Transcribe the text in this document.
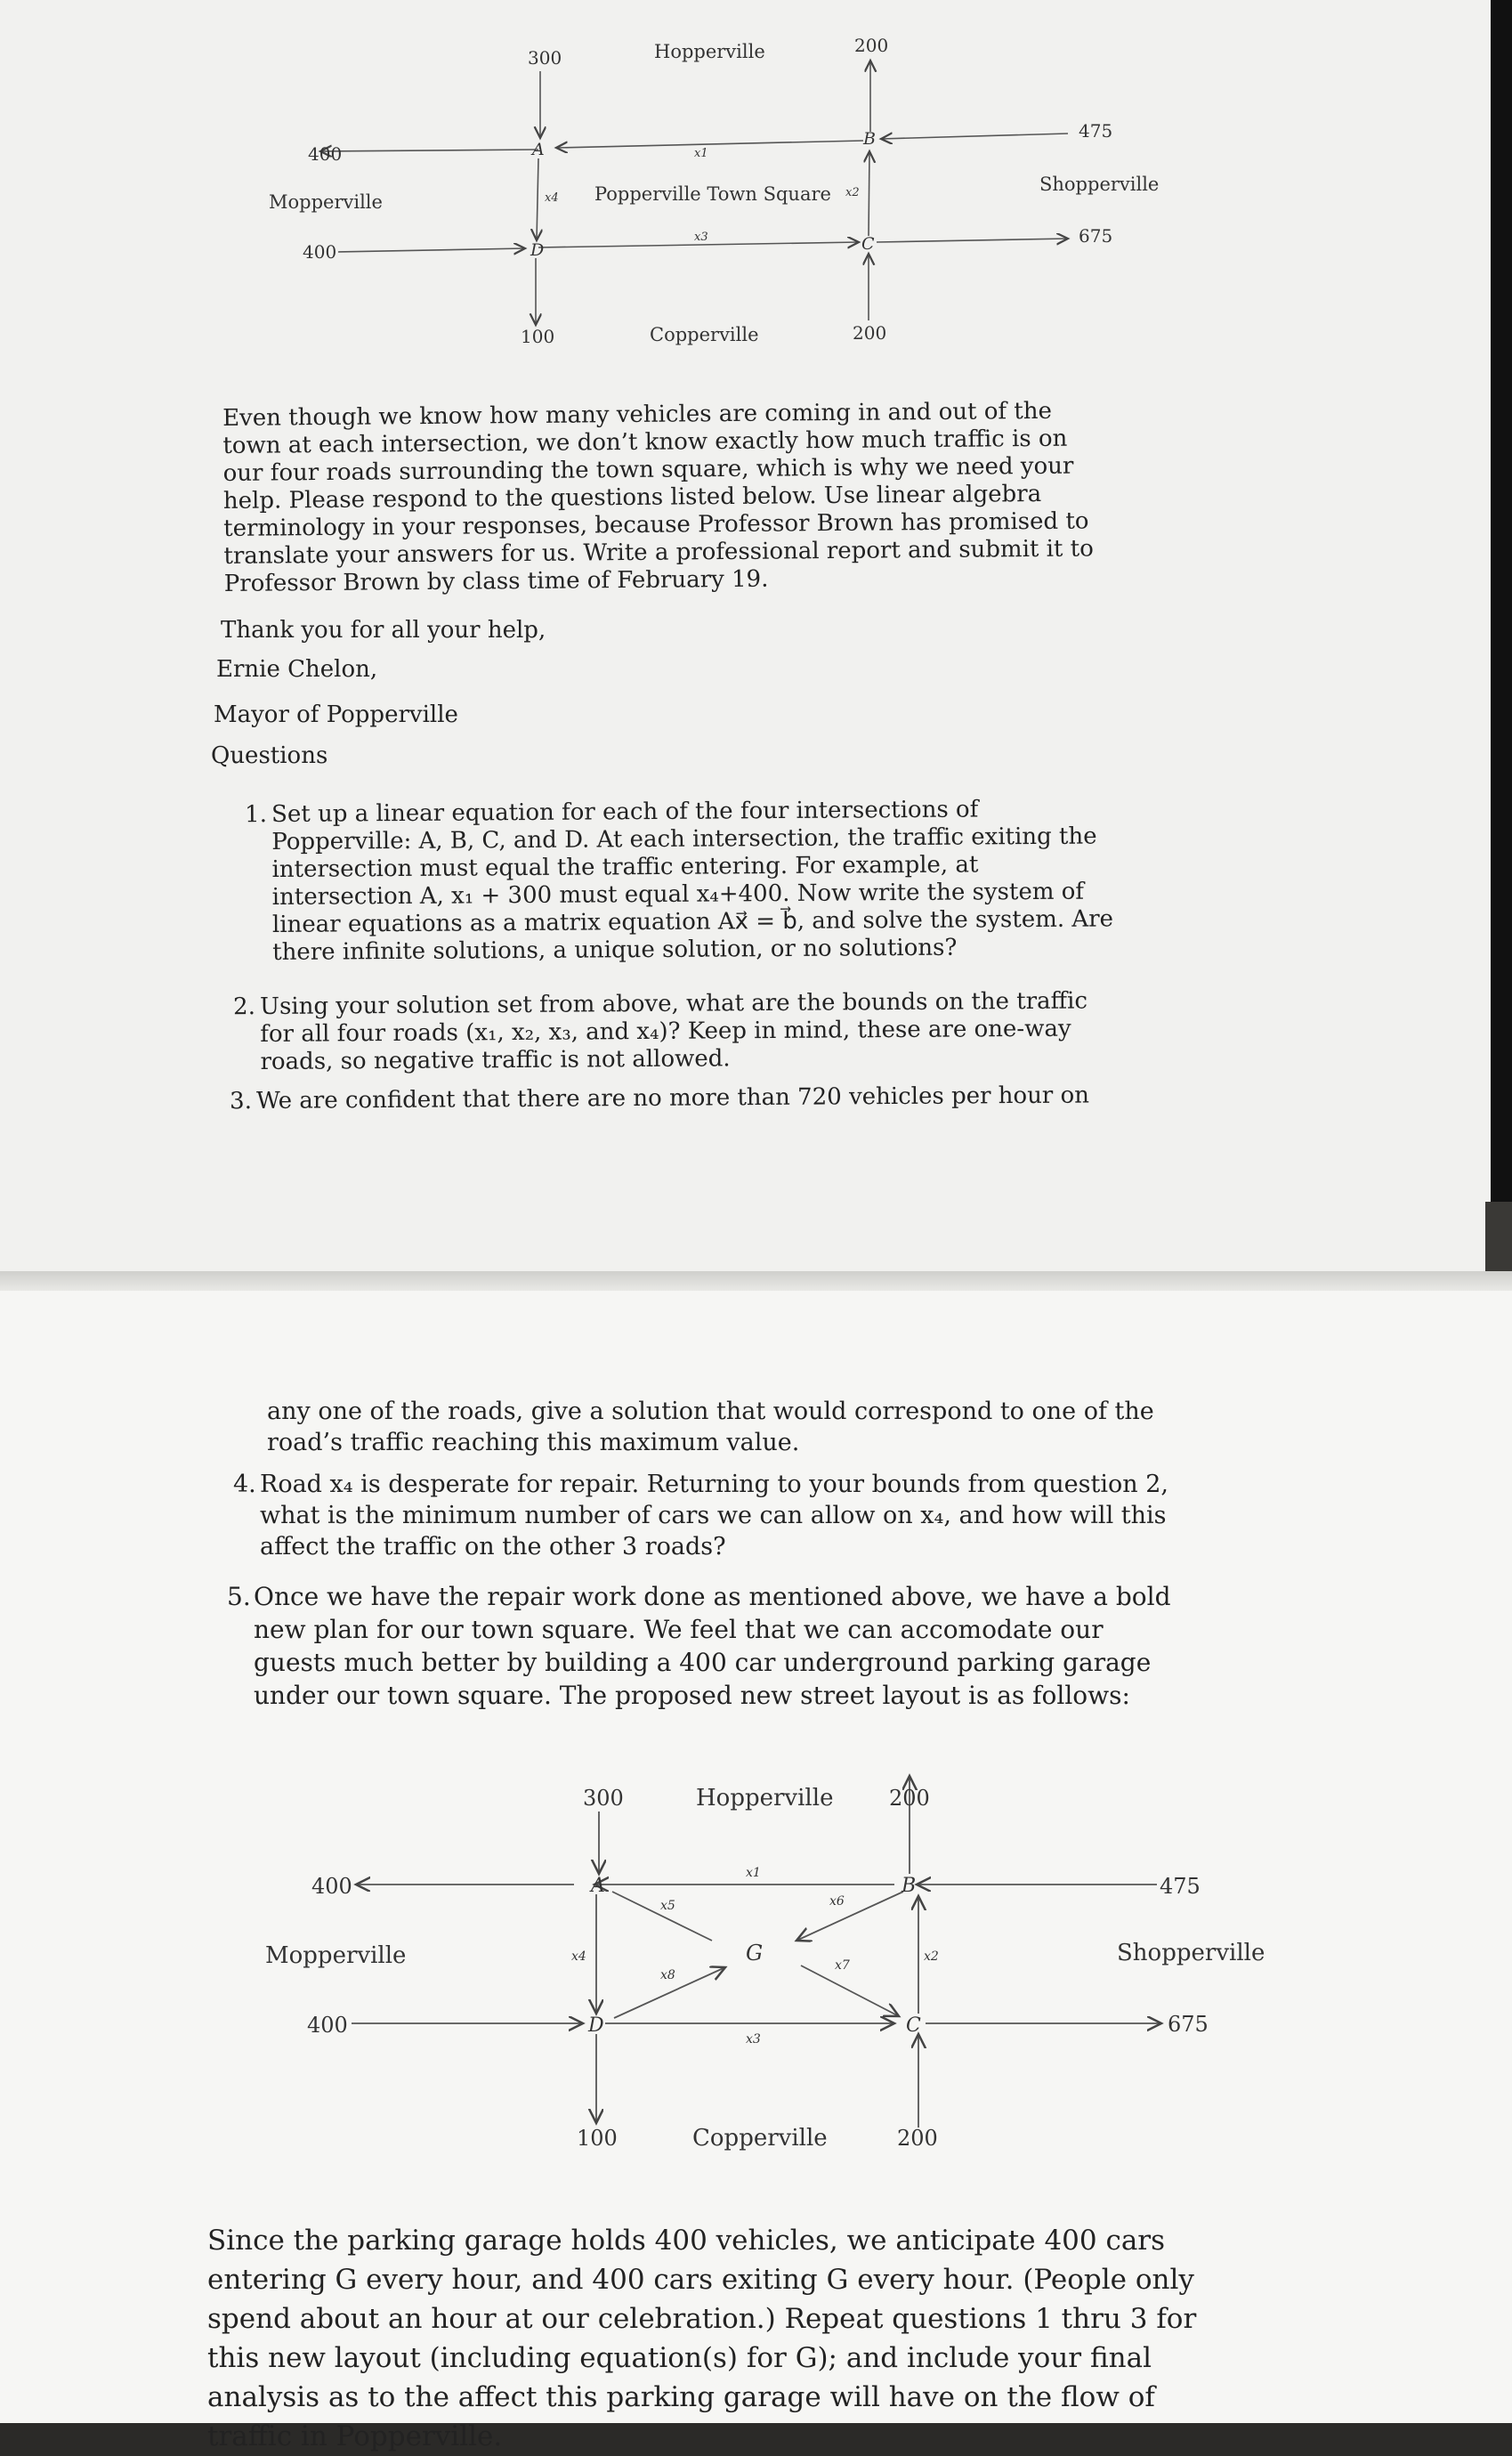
300	Hopperville	200
400
Mopperville
400
475
Shopperville
675
100	Copperville	200
Popperville Town Square
A
B
C
D
x1
x2
x3
x4
Even though we know how many vehicles are coming in and out of the town at each intersection, we don’t know exactly how much traffic is on our four roads surrounding the town square, which is why we need your help. Please respond to the questions listed below. Use linear algebra terminology in your responses, because Professor Brown has promised to translate your answers for us. Write a professional report and submit it to Professor Brown by class time of February 19.
Thank you for all your help,
Ernie Chelon,
Mayor of Popperville
Questions
1. Set up a linear equation for each of the four intersections of Popperville: A, B, C, and D. At each intersection, the traffic exiting the intersection must equal the traffic entering. For example, at intersection A, x₁ + 300 must equal x₄+400. Now write the system of linear equations as a matrix equation Ax⃗ = b⃗, and solve the system. Are there infinite solutions, a unique solution, or no solutions?
2. Using your solution set from above, what are the bounds on the traffic for all four roads (x₁, x₂, x₃, and x₄)? Keep in mind, these are one-way roads, so negative traffic is not allowed.
3. We are confident that there are no more than 720 vehicles per hour on
any one of the roads, give a solution that would correspond to one of the road’s traffic reaching this maximum value.
4. Road x₄ is desperate for repair. Returning to your bounds from question 2, what is the minimum number of cars we can allow on x₄, and how will this affect the traffic on the other 3 roads?
5. Once we have the repair work done as mentioned above, we have a bold new plan for our town square. We feel that we can accomodate our guests much better by building a 400 car underground parking garage under our town square. The proposed new street layout is as follows:
300	Hopperville	200
400
Mopperville
400
475
Shopperville
675
100	Copperville	200
A	B
C
D
G
x1
x2
x3
x4
x5	x6
x7
x8
Since the parking garage holds 400 vehicles, we anticipate 400 cars entering G every hour, and 400 cars exiting G every hour. (People only spend about an hour at our celebration.) Repeat questions 1 thru 3 for this new layout (including equation(s) for G); and include your final analysis as to the affect this parking garage will have on the flow of traffic in Popperville.
